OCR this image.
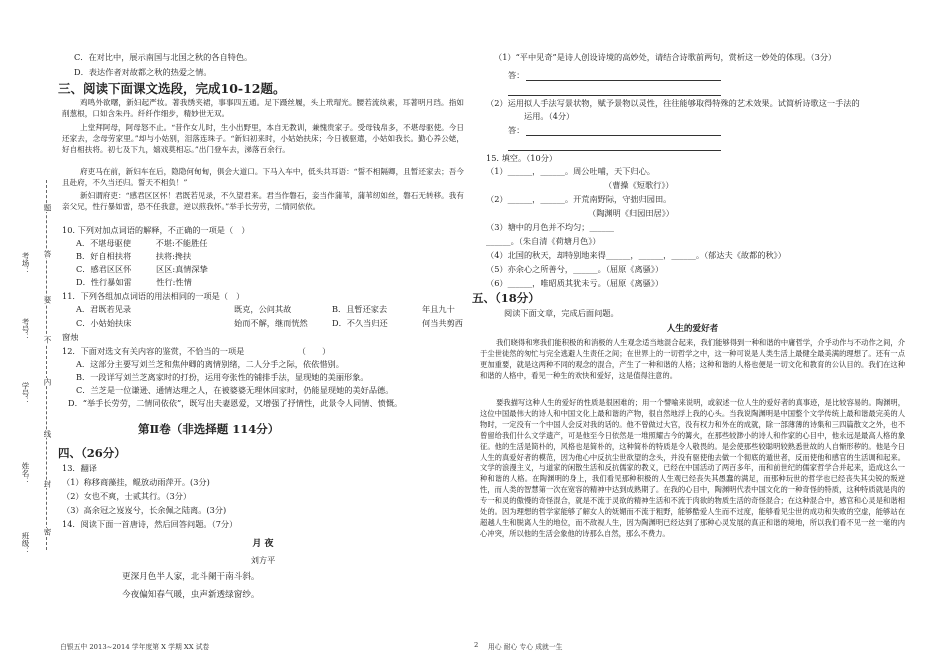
考场：
考号：
学号：
姓名：
班级：
题
答
要
不
内
线
封
密
C．在对比中，展示南国与北国之秋的各自特色。
D．表达作者对故都之秋的热爱之情。
三、阅读下面课文选段，完成10-12题。
鸡鸣外欲曙，新妇起严妆。著我绣夹裙，事事四五通。足下蹑丝履，头上玳瑁光。腰若流纨素，耳著明月珰。指如削葱根，口如含朱丹。纤纤作细步，精妙世无双。
上堂拜阿母，阿母怒不止。“昔作女儿时，生小出野里，本自无教训，兼愧贵家子。受母钱帛多，不堪母驱使。今日还家去，念母劳家里。”却与小姑别，泪落连珠子。“新妇初来时，小姑始扶床；今日被驱遣，小姑如我长。勤心养公姥，好自相扶将。初七及下九，嬉戏莫相忘。”出门登车去，涕落百余行。
府吏马在前，新妇车在后，隐隐何甸甸，俱会大道口。下马入车中，低头共耳语：“誓不相隔卿，且暂还家去；吾今且赴府，不久当还归。誓天不相负！”
新妇谓府吏：“感君区区怀！君既若见录，不久望君来。君当作磐石，妾当作蒲苇，蒲苇纫如丝，磐石无转移。我有亲父兄，性行暴如雷，恐不任我意，逆以煎我怀。”举手长劳劳，二情同依依。
10. 下列对加点词语的解释，不正确的一项是（　）
A．不堪母驱使　　　不堪:不能胜任
B．好自相扶将　　　扶将:搀扶
C．感君区区怀　　　区区:真情深挚
D．性行暴如雷　　　性行:性情
11．下列各组加点词语的用法相同的一项是（　）
A．君既若见录	既克，公问其故	B．且暂还家去	年且九十
C．小姑始扶床	始而不解，继而恍然	D．不久当归还	何当共剪西
窗烛
12．下面对选文有关内容的鉴赏，不恰当的一项是　　　　　　　（　　）
A．这部分主要写刘兰芝和焦仲卿的离情别绪，二人分手之际，依依惜别。
B．一段详写刘兰芝离家时的打扮，运用夸张性的铺排手法，显现她的美丽形象。
C．兰芝是一位谦逊、通情达理之人，在被婆婆无理休回家时，仍能显现她的美好品德。
D．“举手长劳劳，二情同依依”，既写出夫妻恩爱，又增强了抒情性，此景令人同情、愤慨。
第Ⅱ卷（非选择题 114分）
四、（26分）
13．翻译
（1）称移商藻挂，鲲放动雨萍开。(3分)
（2）女也不爽，士贰其行。（3分）
（3）高余冠之岌岌兮，长余佩之陆离。(3分)
14．阅读下面一首唐诗，然后回答问题。（7分）
月 夜
刘方平
更深月色半人家，北斗阑干南斗斜。
今夜偏知春气暖，虫声新透绿窗纱。
（1）“平中见奇”是诗人创设诗境的高妙处，请结合诗歌前两句，赏析这一妙处的体现。（3分）
答：
（2）运用拟人手法写景状物，赋予景物以灵性，往往能够取得特殊的艺术效果。试简析诗歌这一手法的
运用。（4分）
答：
15. 填空。（10分）
（1）______，______。周公吐哺，天下归心。
（曹操《短歌行》）
（2）______，______。开荒南野际，守拙归园田。
（陶渊明《归园田居》）
（3）塘中的月色并不均匀；______
______。（朱自清《荷塘月色》）
（4）北国的秋天，却特别地来得______，______，______。（郁达夫《故都的秋》）
（5）亦余心之所善兮，______。（屈原《离骚》）
（6）______，唯昭质其犹未亏。（屈原《离骚》）
五、（18分）
阅读下面文章，完成后面问题。
人生的爱好者
我们晓得和寒我们能积极的和消极的人生观念适当地混合起来，我们能够得到一种和谐的中庸哲学，介乎动作与不动作之间，介于尘世徒然的匆忙与完全逃避人生责任之间；在世界上的一切哲学之中，这一种可说是人类生活上最健全最美满的理想了。还有一点更加重要，就是这两种不同的观念的混合，产生了一种和谐的人格；这种和谐的人格也便是一切文化和教育的公认目的。我们在这种和谐的人格中，看见一种生的欢快和爱好，这是值得注意的。
要我描写这种人生的爱好的性质是很困难的；用一个譬喻来说明，或叙述一位人生的爱好者的真事迹，是比较容易的。陶渊明，这位中国最伟大的诗人和中国文化上最和谐的产物，很自然地浮上我的心头。当我说陶渊明是中国整个文学传统上最和谐最完美的人物时，一定没有一个中国人会反对我的话的。他不曾做过大官，没有权力和外在的成就，除一部薄薄的诗集和三四篇散文之外，也不曾留给我们什么文学遗产，可是他至今日依然是一堆照耀古今的篝火，在那些较渺小的诗人和作家的心目中，他永远是最高人格的象征。他的生活是简朴的，风格也是简朴的，这种简朴的特质是令人敬畏的。是会使那些较聪明较熟悉世故的人自惭形秽的。他是今日人生的真爱好者的模范，因为他心中反抗尘世欲望的念头，并没有驱使他去做一个彻底的遁世者，反而使他和感官的生活调和起来。文学的浪漫主义，与道家的闲散生活和反抗儒家的教义，已经在中国活动了两百多年，而和前世纪的儒家哲学合并起来，造成这么一种和谐的人格。在陶渊明的身上，我们看见那种积极的人生观已经丧失其愚蠢的满足，而那种玩世的哲学也已经丧失其尖锐的叛逆性，而人类的智慧第一次在宽容的精神中达到成熟期了。在我的心目中，陶渊明代表中国文化的一种奇怪的特质，这种特质就是肉的专一和灵的傲慢的奇怪混合，就是不流于灵欲的精神生活和不流于肉欲的物质生活的奇怪混合；在这种混合中，感官和心灵是和谐相处的。因为理想的哲学家能够了解女人的妩媚而不流于粗野，能够酷爱人生而不过度，能够看见尘世的成功和失败的空虚，能够站在超越人生和脱离人生的地位，而不敌视人生，因为陶渊明已经达到了那种心灵发展的真正和谐的境地，所以我们看不见一丝一毫的内心冲突，所以他的生活会象他的诗那么自然，那么不费力。
白银五中 2013~2014 学年度第 X 学期 XX 试卷	2 用心 耐心 专心 成就一生
